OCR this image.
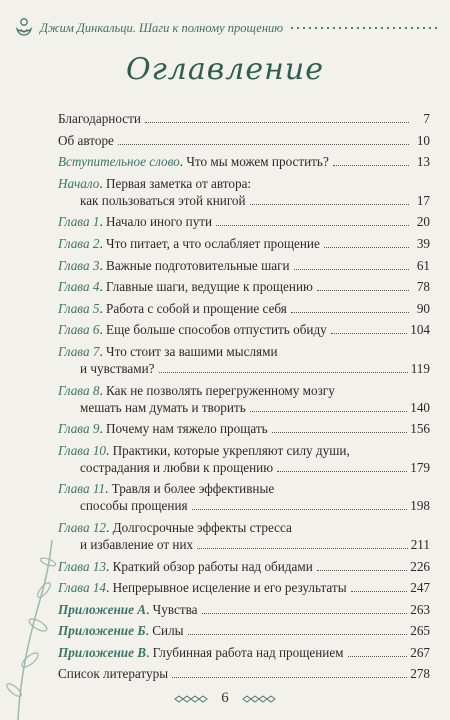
Джим Динкальци. Шаги к полному прощению
Оглавление
Благодарности	7
Об авторе	10
Вступительное слово. Что мы можем простить?	13
Начало. Первая заметка от автора:
как пользоваться этой книгой	17
Глава 1. Начало иного пути	20
Глава 2. Что питает, а что ослабляет прощение	39
Глава 3. Важные подготовительные шаги	61
Глава 4. Главные шаги, ведущие к прощению	78
Глава 5. Работа с собой и прощение себя	90
Глава 6. Еще больше способов отпустить обиду	104
Глава 7. Что стоит за вашими мыслями
и чувствами?	119
Глава 8. Как не позволять перегруженному мозгу
мешать нам думать и творить	140
Глава 9. Почему нам тяжело прощать	156
Глава 10. Практики, которые укрепляют силу души,
сострадания и любви к прощению	179
Глава 11. Травля и более эффективные
способы прощения	198
Глава 12. Долгосрочные эффекты стресса
и избавление от них	211
Глава 13. Краткий обзор работы над обидами	226
Глава 14. Непрерывное исцеление и его результаты	247
Приложение А. Чувства	263
Приложение Б. Силы	265
Приложение В. Глубинная работа над прощением	267
Список литературы	278
6
